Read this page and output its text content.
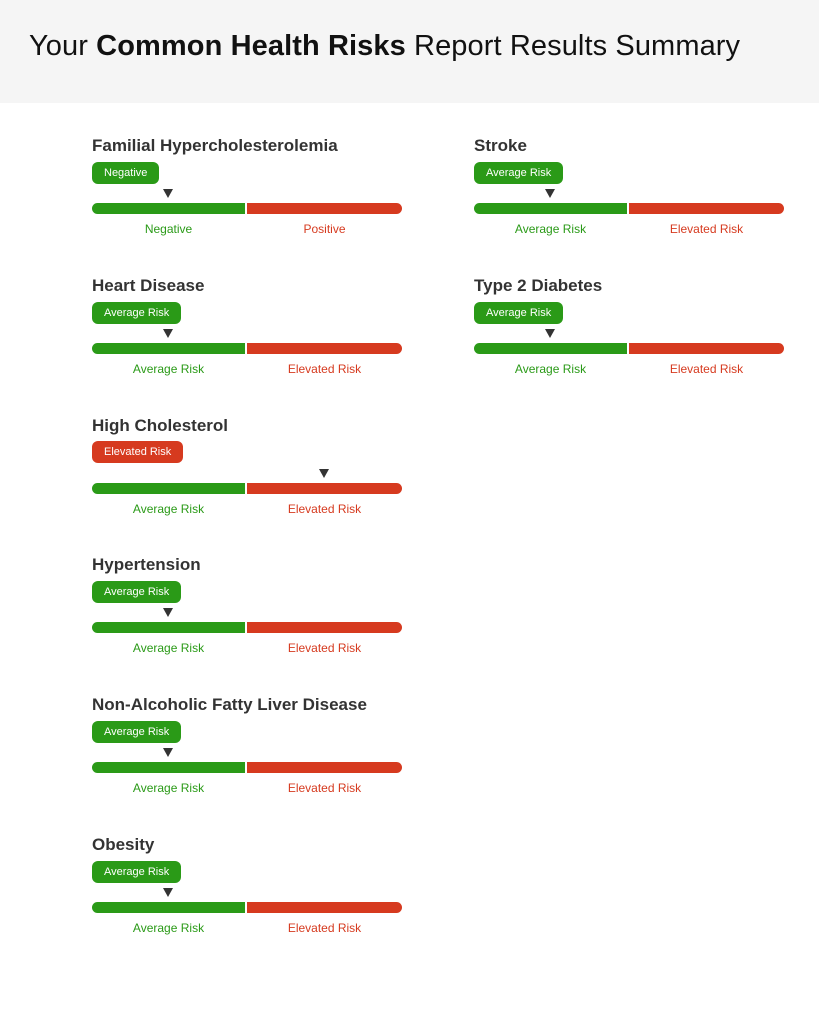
Your Common Health Risks Report Results Summary
Familial Hypercholesterolemia
Negative
Negative	Positive
Stroke
Average Risk
Average Risk	Elevated Risk
Heart Disease
Average Risk
Average Risk	Elevated Risk
Type 2 Diabetes
Average Risk
Average Risk	Elevated Risk
High Cholesterol
Elevated Risk
Average Risk	Elevated Risk
Hypertension
Average Risk
Average Risk	Elevated Risk
Non-Alcoholic Fatty Liver Disease
Average Risk
Average Risk	Elevated Risk
Obesity
Average Risk
Average Risk	Elevated Risk
